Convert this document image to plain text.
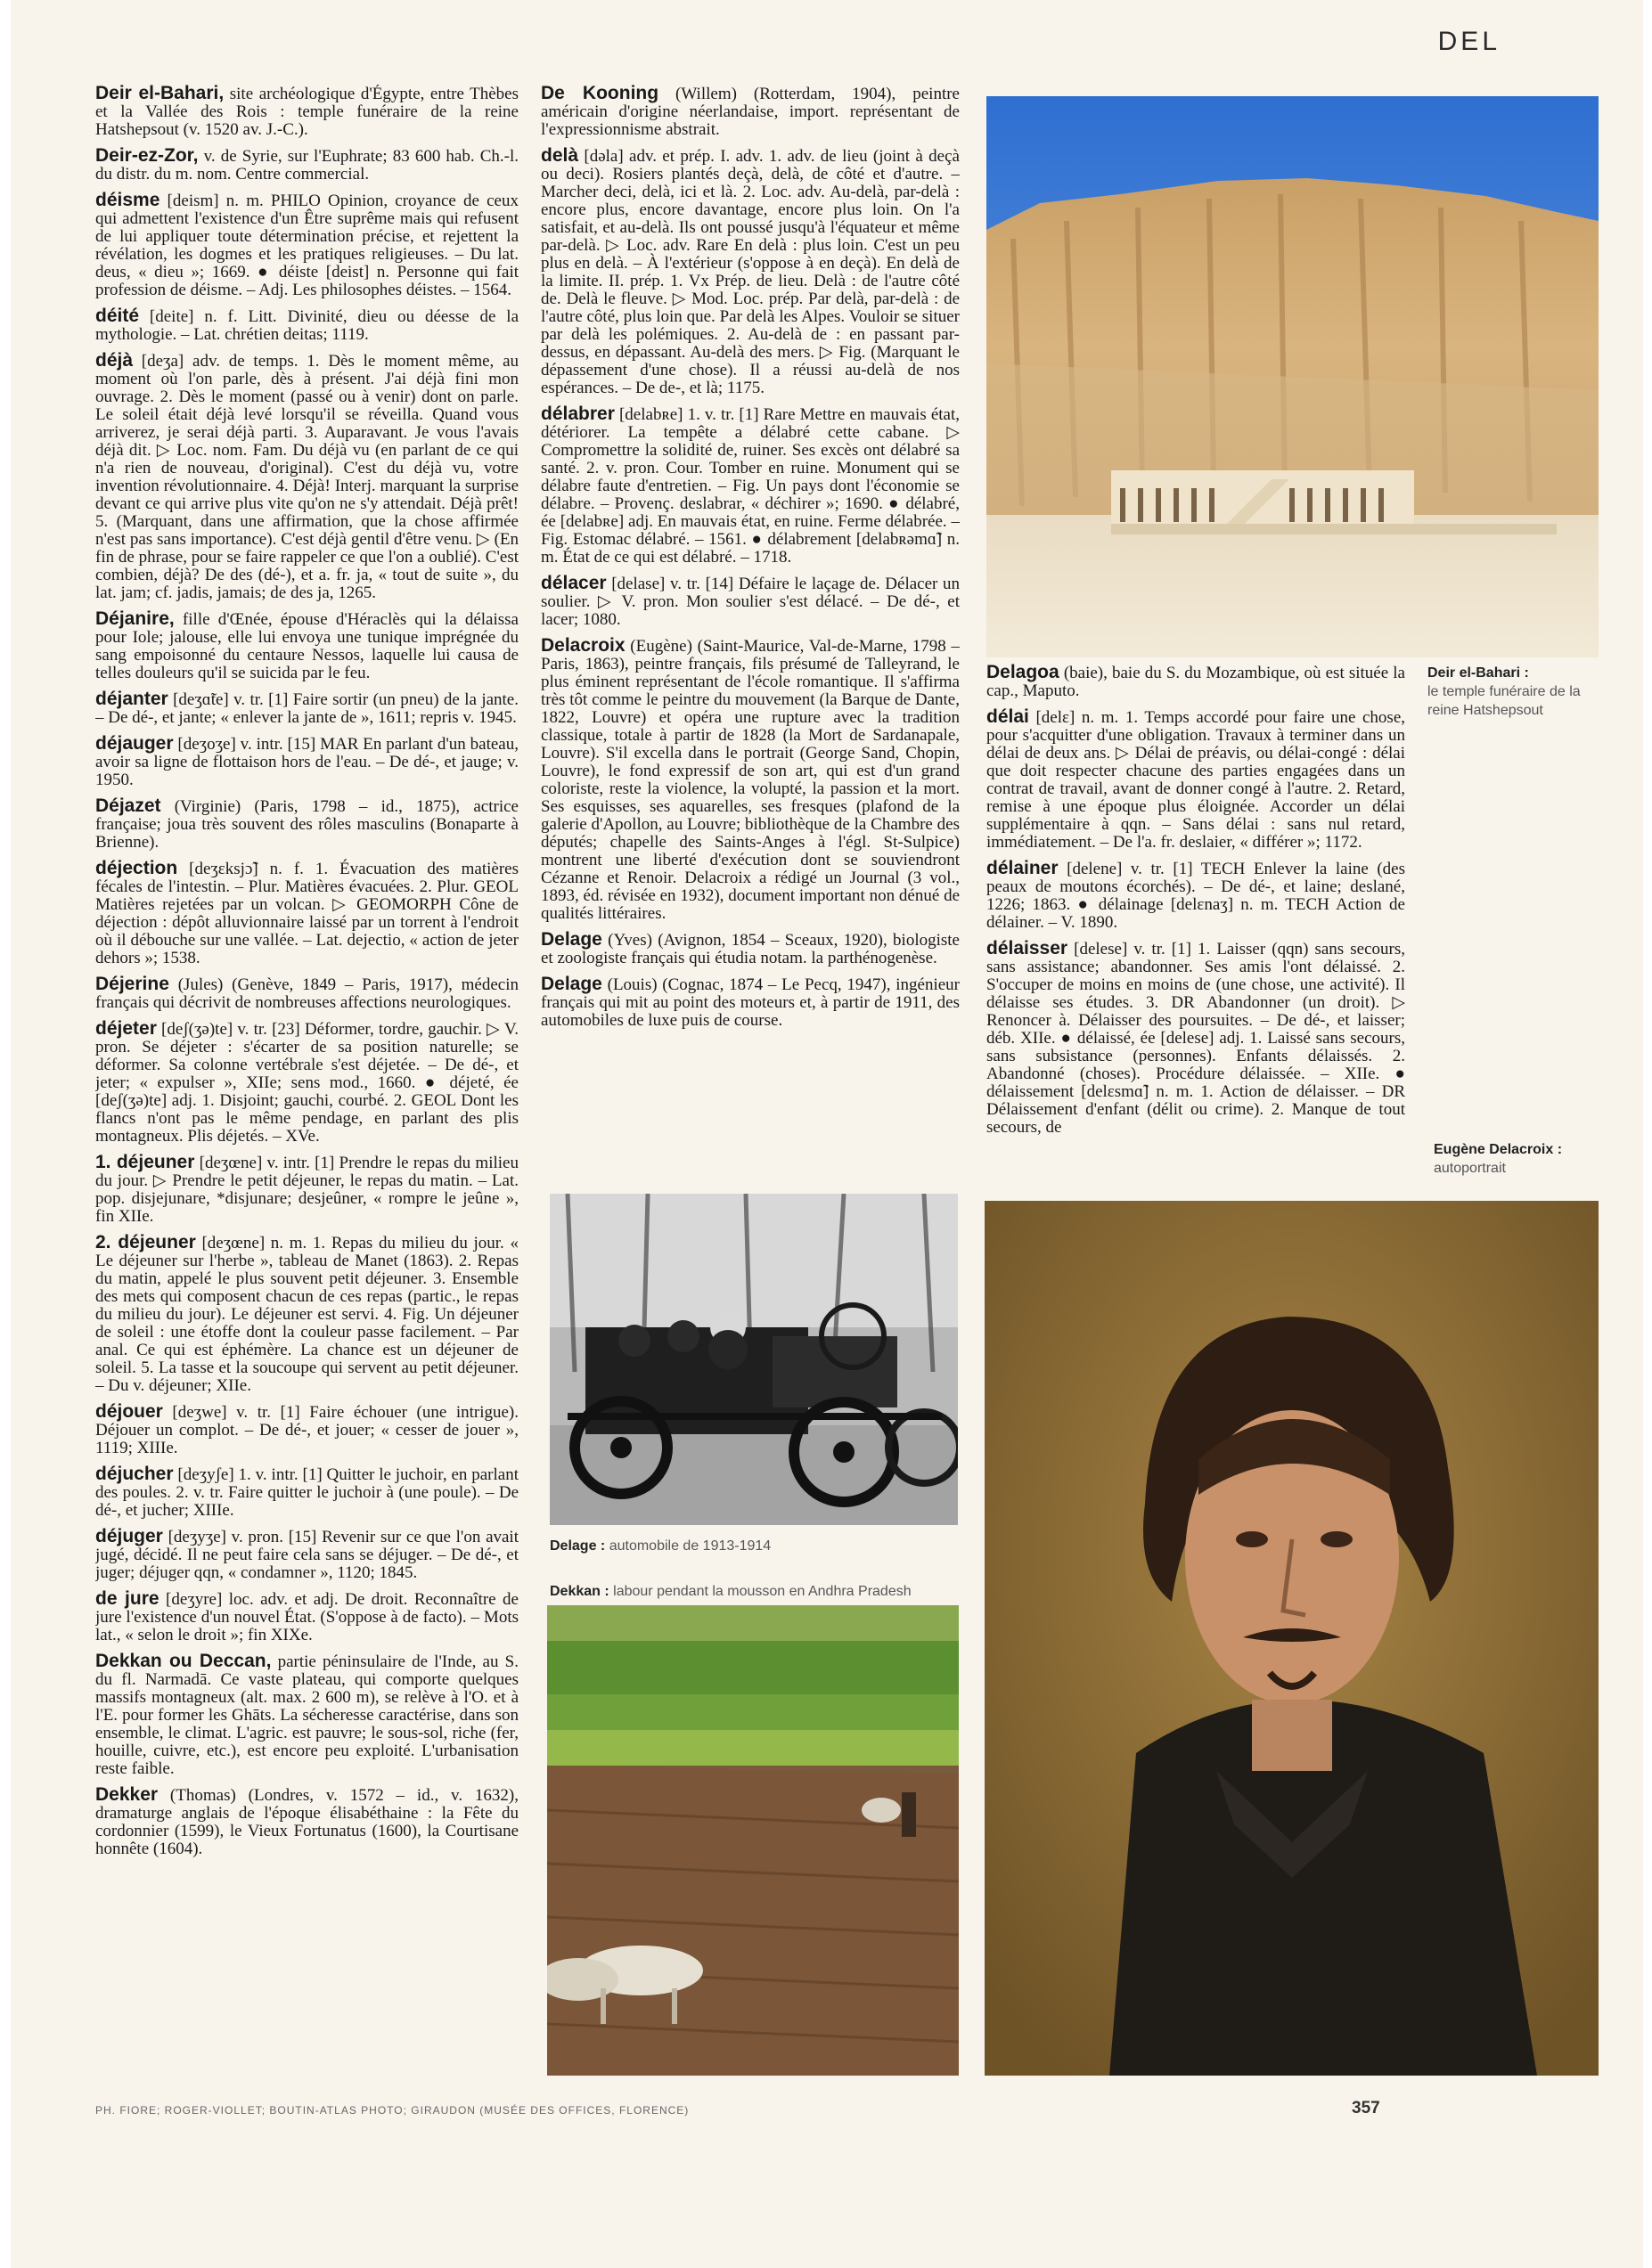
DEL

Deir el-Bahari, site archéologique d'Égypte, entre Thèbes et la Vallée des Rois : temple funéraire de la reine Hatshepsout (v. 1520 av. J.-C.).

Deir-ez-Zor, v. de Syrie, sur l'Euphrate; 83 600 hab. Ch.-l. du distr. du m. nom. Centre commercial.

déisme [deism] n. m. PHILO Opinion, croyance de ceux qui admettent l'existence d'un Être suprême mais qui refusent de lui appliquer toute détermination précise, et rejettent la révélation, les dogmes et les pratiques religieuses. – Du lat. deus, « dieu »; 1669. ● déiste [deist] n. Personne qui fait profession de déisme. – Adj. Les philosophes déistes. – 1564.

déité [deite] n. f. Litt. Divinité, dieu ou déesse de la mythologie. – Lat. chrétien deitas; 1119.

déjà [deʒa] adv. de temps. 1. Dès le moment même, au moment où l'on parle, dès à présent. J'ai déjà fini mon ouvrage. 2. Dès le moment (passé ou à venir) dont on parle. Le soleil était déjà levé lorsqu'il se réveilla. Quand vous arriverez, je serai déjà parti. 3. Auparavant. Je vous l'avais déjà dit. ▷ Loc. nom. Fam. Du déjà vu (en parlant de ce qui n'a rien de nouveau, d'original). C'est du déjà vu, votre invention révolutionnaire. 4. Déjà! Interj. marquant la surprise devant ce qui arrive plus vite qu'on ne s'y attendait. Déjà prêt! 5. (Marquant, dans une affirmation, que la chose affirmée n'est pas sans importance). C'est déjà gentil d'être venu. ▷ (En fin de phrase, pour se faire rappeler ce que l'on a oublié). C'est combien, déjà? De des (dé-), et a. fr. ja, « tout de suite », du lat. jam; cf. jadis, jamais; de des ja, 1265.

Déjanire, fille d'Œnée, épouse d'Héraclès qui la délaissa pour Iole; jalouse, elle lui envoya une tunique imprégnée du sang empoisonné du centaure Nessos, laquelle lui causa de telles douleurs qu'il se suicida par le feu.

déjanter [deʒɑ̃te] v. tr. [1] Faire sortir (un pneu) de la jante. – De dé-, et jante; « enlever la jante de », 1611; repris v. 1945.

déjauger [deʒoʒe] v. intr. [15] MAR En parlant d'un bateau, avoir sa ligne de flottaison hors de l'eau. – De dé-, et jauge; v. 1950.

Déjazet (Virginie) (Paris, 1798 – id., 1875), actrice française; joua très souvent des rôles masculins (Bonaparte à Brienne).

déjection [deʒɛksjɔ̃] n. f. 1. Évacuation des matières fécales de l'intestin. – Plur. Matières évacuées. 2. Plur. GEOL Matières rejetées par un volcan. ▷ GEOMORPH Cône de déjection : dépôt alluvionnaire laissé par un torrent à l'endroit où il débouche sur une vallée. – Lat. dejectio, « action de jeter dehors »; 1538.

Déjerine (Jules) (Genève, 1849 – Paris, 1917), médecin français qui décrivit de nombreuses affections neurologiques.

déjeter [deʃ(ʒə)te] v. tr. [23] Déformer, tordre, gauchir. ▷ V. pron. Se déjeter : s'écarter de sa position naturelle; se déformer. Sa colonne vertébrale s'est déjetée. – De dé-, et jeter; « expulser », XIIe; sens mod., 1660. ● déjeté, ée [deʃ(ʒə)te] adj. 1. Disjoint; gauchi, courbé. 2. GEOL Dont les flancs n'ont pas le même pendage, en parlant des plis montagneux. Plis déjetés. – XVe.

1. déjeuner [deʒœne] v. intr. [1] Prendre le repas du milieu du jour. ▷ Prendre le petit déjeuner, le repas du matin. – Lat. pop. disjejunare, *disjunare; desjeûner, « rompre le jeûne », fin XIIe.

2. déjeuner [deʒœne] n. m. 1. Repas du milieu du jour. « Le déjeuner sur l'herbe », tableau de Manet (1863). 2. Repas du matin, appelé le plus souvent petit déjeuner. 3. Ensemble des mets qui composent chacun de ces repas (partic., le repas du milieu du jour). Le déjeuner est servi. 4. Fig. Un déjeuner de soleil : une étoffe dont la couleur passe facilement. – Par anal. Ce qui est éphémère. La chance est un déjeuner de soleil. 5. La tasse et la soucoupe qui servent au petit déjeuner. – Du v. déjeuner; XIIe.

déjouer [deʒwe] v. tr. [1] Faire échouer (une intrigue). Déjouer un complot. – De dé-, et jouer; « cesser de jouer », 1119; XIIIe.

déjucher [deʒyʃe] 1. v. intr. [1] Quitter le juchoir, en parlant des poules. 2. v. tr. Faire quitter le juchoir à (une poule). – De dé-, et jucher; XIIIe.

déjuger [deʒyʒe] v. pron. [15] Revenir sur ce que l'on avait jugé, décidé. Il ne peut faire cela sans se déjuger. – De dé-, et juger; déjuger qqn, « condamner », 1120; 1845.

de jure [deʒyre] loc. adv. et adj. De droit. Reconnaître de jure l'existence d'un nouvel État. (S'oppose à de facto). – Mots lat., « selon le droit »; fin XIXe.

Dekkan ou Deccan, partie péninsulaire de l'Inde, au S. du fl. Narmadā. Ce vaste plateau, qui comporte quelques massifs montagneux (alt. max. 2 600 m), se relève à l'O. et à l'E. pour former les Ghāts. La sécheresse caractérise, dans son ensemble, le climat. L'agric. est pauvre; le sous-sol, riche (fer, houille, cuivre, etc.), est encore peu exploité. L'urbanisation reste faible.

Dekker (Thomas) (Londres, v. 1572 – id., v. 1632), dramaturge anglais de l'époque élisabéthaine : la Fête du cordonnier (1599), le Vieux Fortunatus (1600), la Courtisane honnête (1604).

De Kooning (Willem) (Rotterdam, 1904), peintre américain d'origine néerlandaise, import. représentant de l'expressionnisme abstrait.

delà [dəla] adv. et prép. I. adv. 1. adv. de lieu (joint à deçà ou deci). Rosiers plantés deçà, delà, de côté et d'autre. – Marcher deci, delà, ici et là. 2. Loc. adv. Au-delà, par-delà : encore plus, encore davantage, encore plus loin. On l'a satisfait, et au-delà. Ils ont poussé jusqu'à l'équateur et même par-delà. ▷ Loc. adv. Rare En delà : plus loin. C'est un peu plus en delà. – À l'extérieur (s'oppose à en deçà). En delà de la limite. II. prép. 1. Vx Prép. de lieu. Delà : de l'autre côté de. Delà le fleuve. ▷ Mod. Loc. prép. Par delà, par-delà : de l'autre côté, plus loin que. Par delà les Alpes. Vouloir se situer par delà les polémiques. 2. Au-delà de : en passant par-dessus, en dépassant. Au-delà des mers. ▷ Fig. (Marquant le dépassement d'une chose). Il a réussi au-delà de nos espérances. – De de-, et là; 1175.

délabrer [delabʀe] 1. v. tr. [1] Rare Mettre en mauvais état, détériorer. La tempête a délabré cette cabane. ▷ Compromettre la solidité de, ruiner. Ses excès ont délabré sa santé. 2. v. pron. Cour. Tomber en ruine. Monument qui se délabre faute d'entretien. – Fig. Un pays dont l'économie se délabre. – Provenç. deslabrar, « déchirer »; 1690. ● délabré, ée [delabʀe] adj. En mauvais état, en ruine. Ferme délabrée. – Fig. Estomac délabré. – 1561. ● délabrement [delabʀəmɑ̃] n. m. État de ce qui est délabré. – 1718.

délacer [delase] v. tr. [14] Défaire le laçage de. Délacer un soulier. ▷ V. pron. Mon soulier s'est délacé. – De dé-, et lacer; 1080.

Delacroix (Eugène) (Saint-Maurice, Val-de-Marne, 1798 – Paris, 1863), peintre français, fils présumé de Talleyrand, le plus éminent représentant de l'école romantique. Il s'affirma très tôt comme le peintre du mouvement (la Barque de Dante, 1822, Louvre) et opéra une rupture avec la tradition classique, totale à partir de 1828 (la Mort de Sardanapale, Louvre). S'il excella dans le portrait (George Sand, Chopin, Louvre), le fond expressif de son art, qui est d'un grand coloriste, reste la violence, la volupté, la passion et la mort. Ses esquisses, ses aquarelles, ses fresques (plafond de la galerie d'Apollon, au Louvre; bibliothèque de la Chambre des députés; chapelle des Saints-Anges à l'égl. St-Sulpice) montrent une liberté d'exécution dont se souviendront Cézanne et Renoir. Delacroix a rédigé un Journal (3 vol., 1893, éd. révisée en 1932), document important non dénué de qualités littéraires.

Delage (Yves) (Avignon, 1854 – Sceaux, 1920), biologiste et zoologiste français qui étudia notam. la parthénogenèse.

Delage (Louis) (Cognac, 1874 – Le Pecq, 1947), ingénieur français qui mit au point des moteurs et, à partir de 1911, des automobiles de luxe puis de course.

Delagoa (baie), baie du S. du Mozambique, où est située la cap., Maputo.

délai [delɛ] n. m. 1. Temps accordé pour faire une chose, pour s'acquitter d'une obligation. Travaux à terminer dans un délai de deux ans. ▷ Délai de préavis, ou délai-congé : délai que doit respecter chacune des parties engagées dans un contrat de travail, avant de donner congé à l'autre. 2. Retard, remise à une époque plus éloignée. Accorder un délai supplémentaire à qqn. – Sans délai : sans nul retard, immédiatement. – De l'a. fr. deslaier, « différer »; 1172.

délainer [delene] v. tr. [1] TECH Enlever la laine (des peaux de moutons écorchés). – De dé-, et laine; deslané, 1226; 1863. ● délainage [delɛnaʒ] n. m. TECH Action de délainer. – V. 1890.

délaisser [delese] v. tr. [1] 1. Laisser (qqn) sans secours, sans assistance; abandonner. Ses amis l'ont délaissé. 2. S'occuper de moins en moins de (une chose, une activité). Il délaisse ses études. 3. DR Abandonner (un droit). ▷ Renoncer à. Délaisser des poursuites. – De dé-, et laisser; déb. XIIe. ● délaissé, ée [delese] adj. 1. Laissé sans secours, sans subsistance (personnes). Enfants délaissés. 2. Abandonné (choses). Procédure délaissée. – XIIe. ● délaissement [delɛsmɑ̃] n. m. 1. Action de délaisser. – DR Délaissement d'enfant (délit ou crime). 2. Manque de tout secours, de

Deir el-Bahari :
le temple funéraire de la reine Hatshepsout
Delage : automobile de 1913-1914
Dekkan : labour pendant la mousson en Andhra Pradesh
Eugène Delacroix :
autoportrait
PH. FIORE; ROGER-VIOLLET; BOUTIN-ATLAS PHOTO; GIRAUDON (MUSÉE DES OFFICES, FLORENCE)	357
